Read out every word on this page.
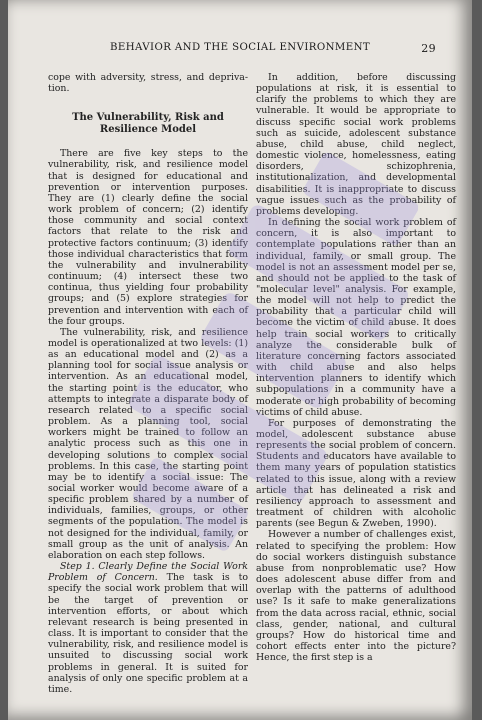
BEHAVIOR AND THE SOCIAL ENVIRONMENT	29

cope with adversity, stress, and depriva-tion.

The Vulnerability, Risk and Resilience Model

There are five key steps to the vulnerability, risk, and resilience model that is designed for educational and prevention or intervention purposes. They are (1) clearly define the social work problem of concern; (2) identify those community and social context factors that relate to the risk and protective factors continuum; (3) identify those individual characteristics that form the vulnerability and invulnerability continuum; (4) intersect these two continua, thus yielding four probability groups; and (5) explore strategies for prevention and intervention with each of the four groups.

The vulnerability, risk, and resilience model is operationalized at two levels: (1) as an educational model and (2) as a planning tool for social issue analysis or intervention. As an educational model, the starting point is the educator, who attempts to integrate a disparate body of research related to a specific social problem. As a planning tool, social workers might be trained to follow an analytic process such as this one in developing solutions to complex social problems. In this case, the starting point may be to identify a social issue: The social worker would become aware of a specific problem shared by a number of individuals, families, groups, or other segments of the population. The model is not designed for the individual, family, or small group as the unit of analysis. An elaboration on each step follows.

Step 1. Clearly Define the Social Work Problem of Concern. The task is to specify the social work problem that will be the target of prevention or intervention efforts, or about which relevant research is being presented in class. It is important to consider that the vulnerability, risk, and resilience model is unsuited to discussing social work problems in general. It is suited for analysis of only one specific problem at a time.

In addition, before discussing populations at risk, it is essential to clarify the problems to which they are vulnerable. It would be appropriate to discuss specific social work problems such as suicide, adolescent substance abuse, child abuse, child neglect, domestic violence, homelessness, eating disorders, schizophrenia, institutionalization, and developmental disabilities. It is inappropriate to discuss vague issues such as the probability of problems developing.

In defining the social work problem of concern, it is also important to contemplate populations rather than an individual, family, or small group. The model is not an assessment model per se, and should not be applied to the task of "molecular level" analysis. For example, the model will not help to predict the probability that a particular child will become the victim of child abuse. It does help train social workers to critically analyze the considerable bulk of literature concerning factors associated with child abuse and also helps intervention planners to identify which subpopulations in a community have a moderate or high probability of becoming victims of child abuse.

For purposes of demonstrating the model, adolescent substance abuse represents the social problem of concern. Students and educators have available to them many years of population statistics related to this issue, along with a review article that has delineated a risk and resiliency approach to assessment and treatment of children with alcoholic parents (see Begun & Zweben, 1990).

However a number of challenges exist, related to specifying the problem: How do social workers distinguish substance abuse from nonproblematic use? How does adolescent abuse differ from and overlap with the patterns of adulthood use? Is it safe to make generalizations from the data across racial, ethnic, social class, gender, national, and cultural groups? How do historical time and cohort effects enter into the picture? Hence, the first step is a
